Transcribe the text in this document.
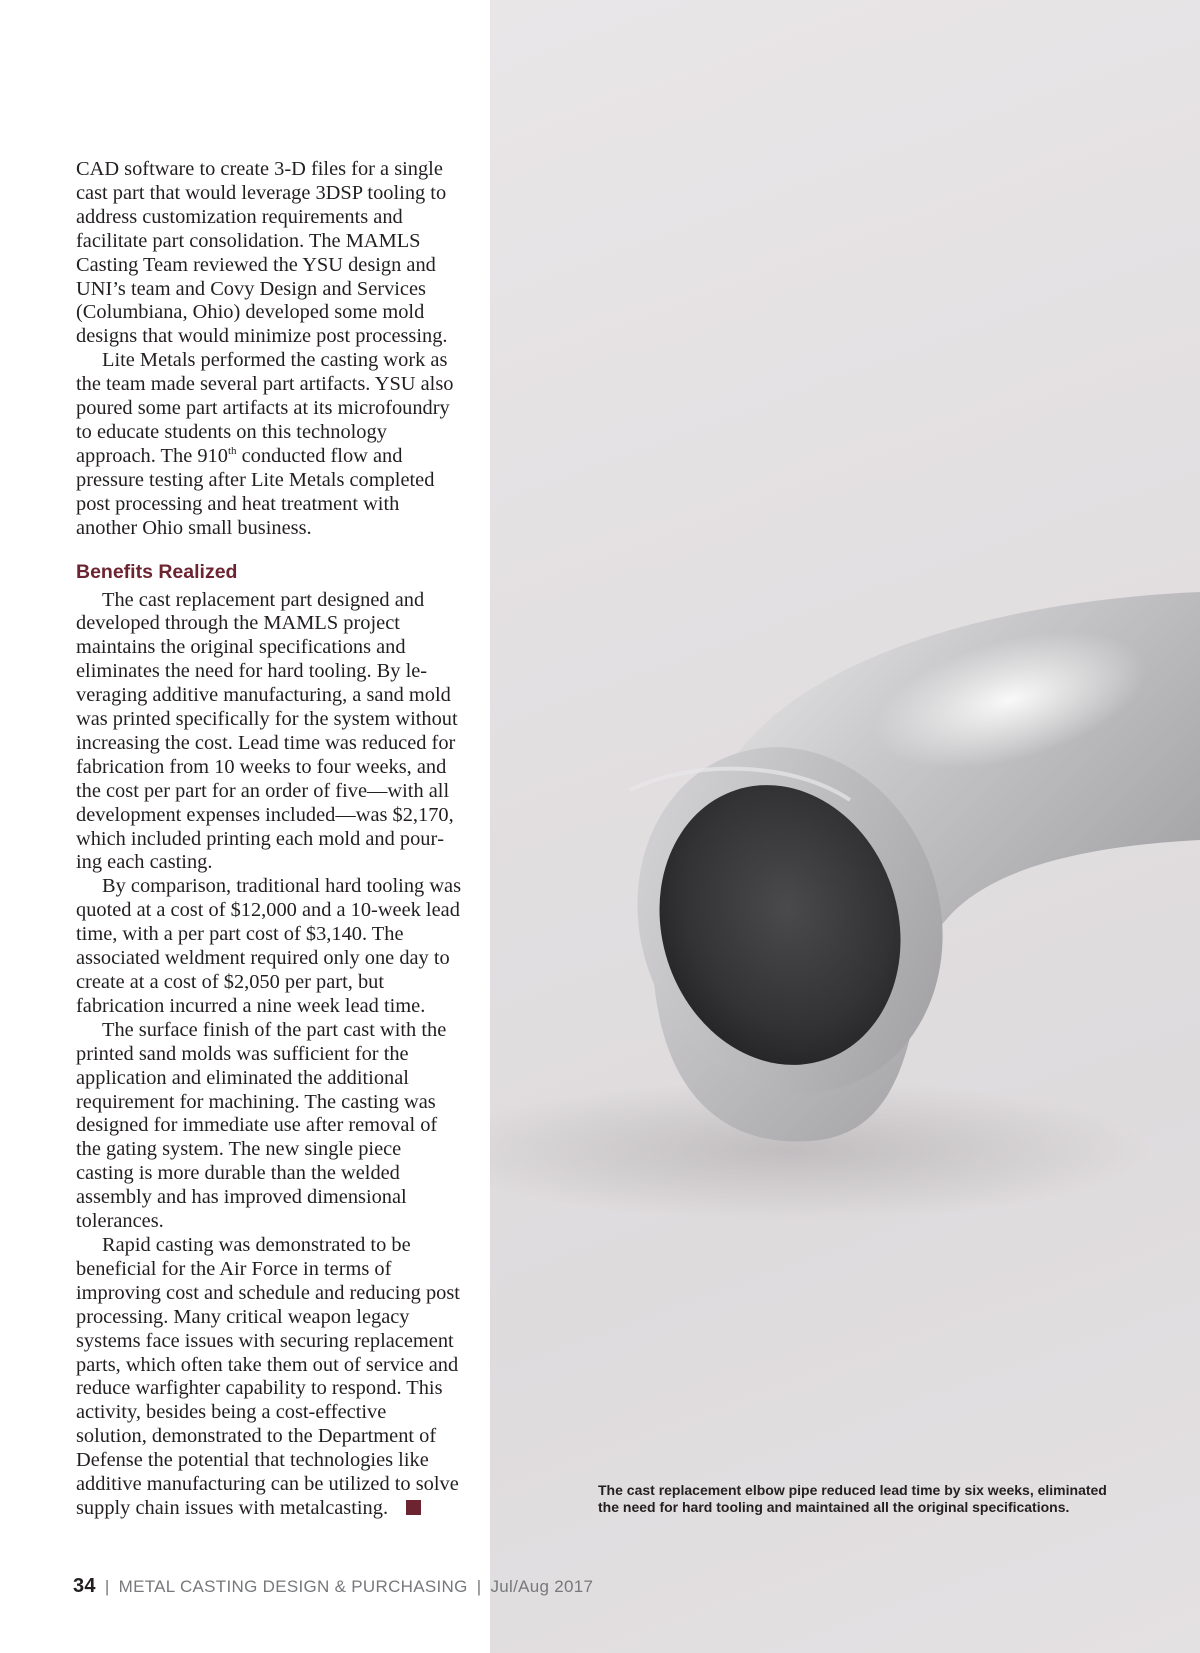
CAD software to create 3-D files for a single cast part that would leverage 3DSP tooling to address customization requirements and facilitate part consolidation. The MAMLS Casting Team reviewed the YSU design and UNI’s team and Covy Design and Services (Columbiana, Ohio) developed some mold designs that would minimize post processing.

Lite Metals performed the casting work as the team made several part artifacts. YSU also poured some part artifacts at its microfoundry to educate students on this technology approach. The 910th conducted flow and pressure testing after Lite Metals completed post processing and heat treatment with another Ohio small business.

Benefits Realized

The cast replacement part designed and developed through the MAMLS project maintains the original specifications and eliminates the need for hard tooling. By leveraging additive manufacturing, a sand mold was printed specifically for the system without increasing the cost. Lead time was reduced for fabrication from 10 weeks to four weeks, and the cost per part for an order of five—with all development expenses included—was $2,170, which included printing each mold and pouring each casting.

By comparison, traditional hard tooling was quoted at a cost of $12,000 and a 10-week lead time, with a per part cost of $3,140. The associated weldment required only one day to create at a cost of $2,050 per part, but fabrication incurred a nine week lead time.

The surface finish of the part cast with the printed sand molds was sufficient for the application and eliminated the additional requirement for machining. The casting was designed for immediate use after removal of the gating system. The new single piece casting is more durable than the welded assembly and has improved dimensional tolerances.

Rapid casting was demonstrated to be beneficial for the Air Force in terms of improving cost and schedule and reducing post processing. Many critical weapon legacy systems face issues with securing replacement parts, which often take them out of service and reduce warfighter capability to respond. This activity, besides being a cost-effective solution, demonstrated to the Department of Defense the potential that technologies like additive manufacturing can be utilized to solve supply chain issues with metalcasting.

The cast replacement elbow pipe reduced lead time by six weeks, eliminated the need for hard tooling and maintained all the original specifications.
34 | METAL CASTING DESIGN & PURCHASING | Jul/Aug 2017
